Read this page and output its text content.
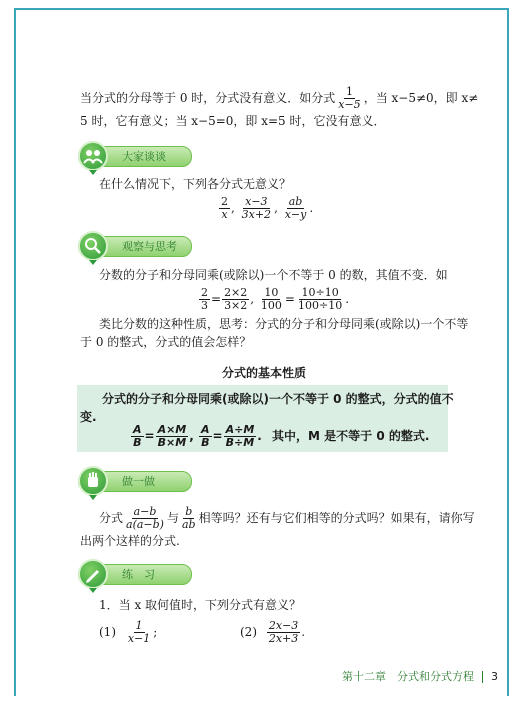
当分式的分母等于 0 时，分式没有意义．如分式 $\frac{1}{x-5}$ ，当 x−5≠0，即 x≠
5 时，它有意义；当 x−5=0，即 x=5 时，它没有意义．
大家谈谈
在什么情况下，下列各分式无意义？
$\frac{2}{x}$ , $\frac{x-3}{3x+2}$ , $\frac{ab}{x-y}$ .
观察与思考
分数的分子和分母同乘(或除以)一个不等于 0 的数，其值不变．如
$\frac{2}{3} = \frac{2\times 2}{3\times 2}$ , $\frac{10}{100} = \frac{10\div 10}{100\div 10}$ .
类比分数的这种性质，思考：分式的分子和分母同乘(或除以)一个不等
于 0 的整式，分式的值会怎样？
分式的基本性质
分式的分子和分母同乘(或除以)一个不等于 0 的整式，分式的值不
变.
$\frac{A}{B} = \frac{A\times M}{B\times M}$ , $\frac{A}{B} = \frac{A\div M}{B\div M}$ . 其中，M 是不等于 0 的整式.
做一做
分式 $\frac{a-b}{a(a-b)}$ 与 $\frac{b}{ab}$ 相等吗？还有与它们相等的分式吗？如果有，请你写
出两个这样的分式.
练　习
1．当 x 取何值时，下列分式有意义？
$(1) \frac{1}{x-1}$ ;	$(2) \frac{2x-3}{2x+3}$ .
第十二章　分式和分式方程 3
